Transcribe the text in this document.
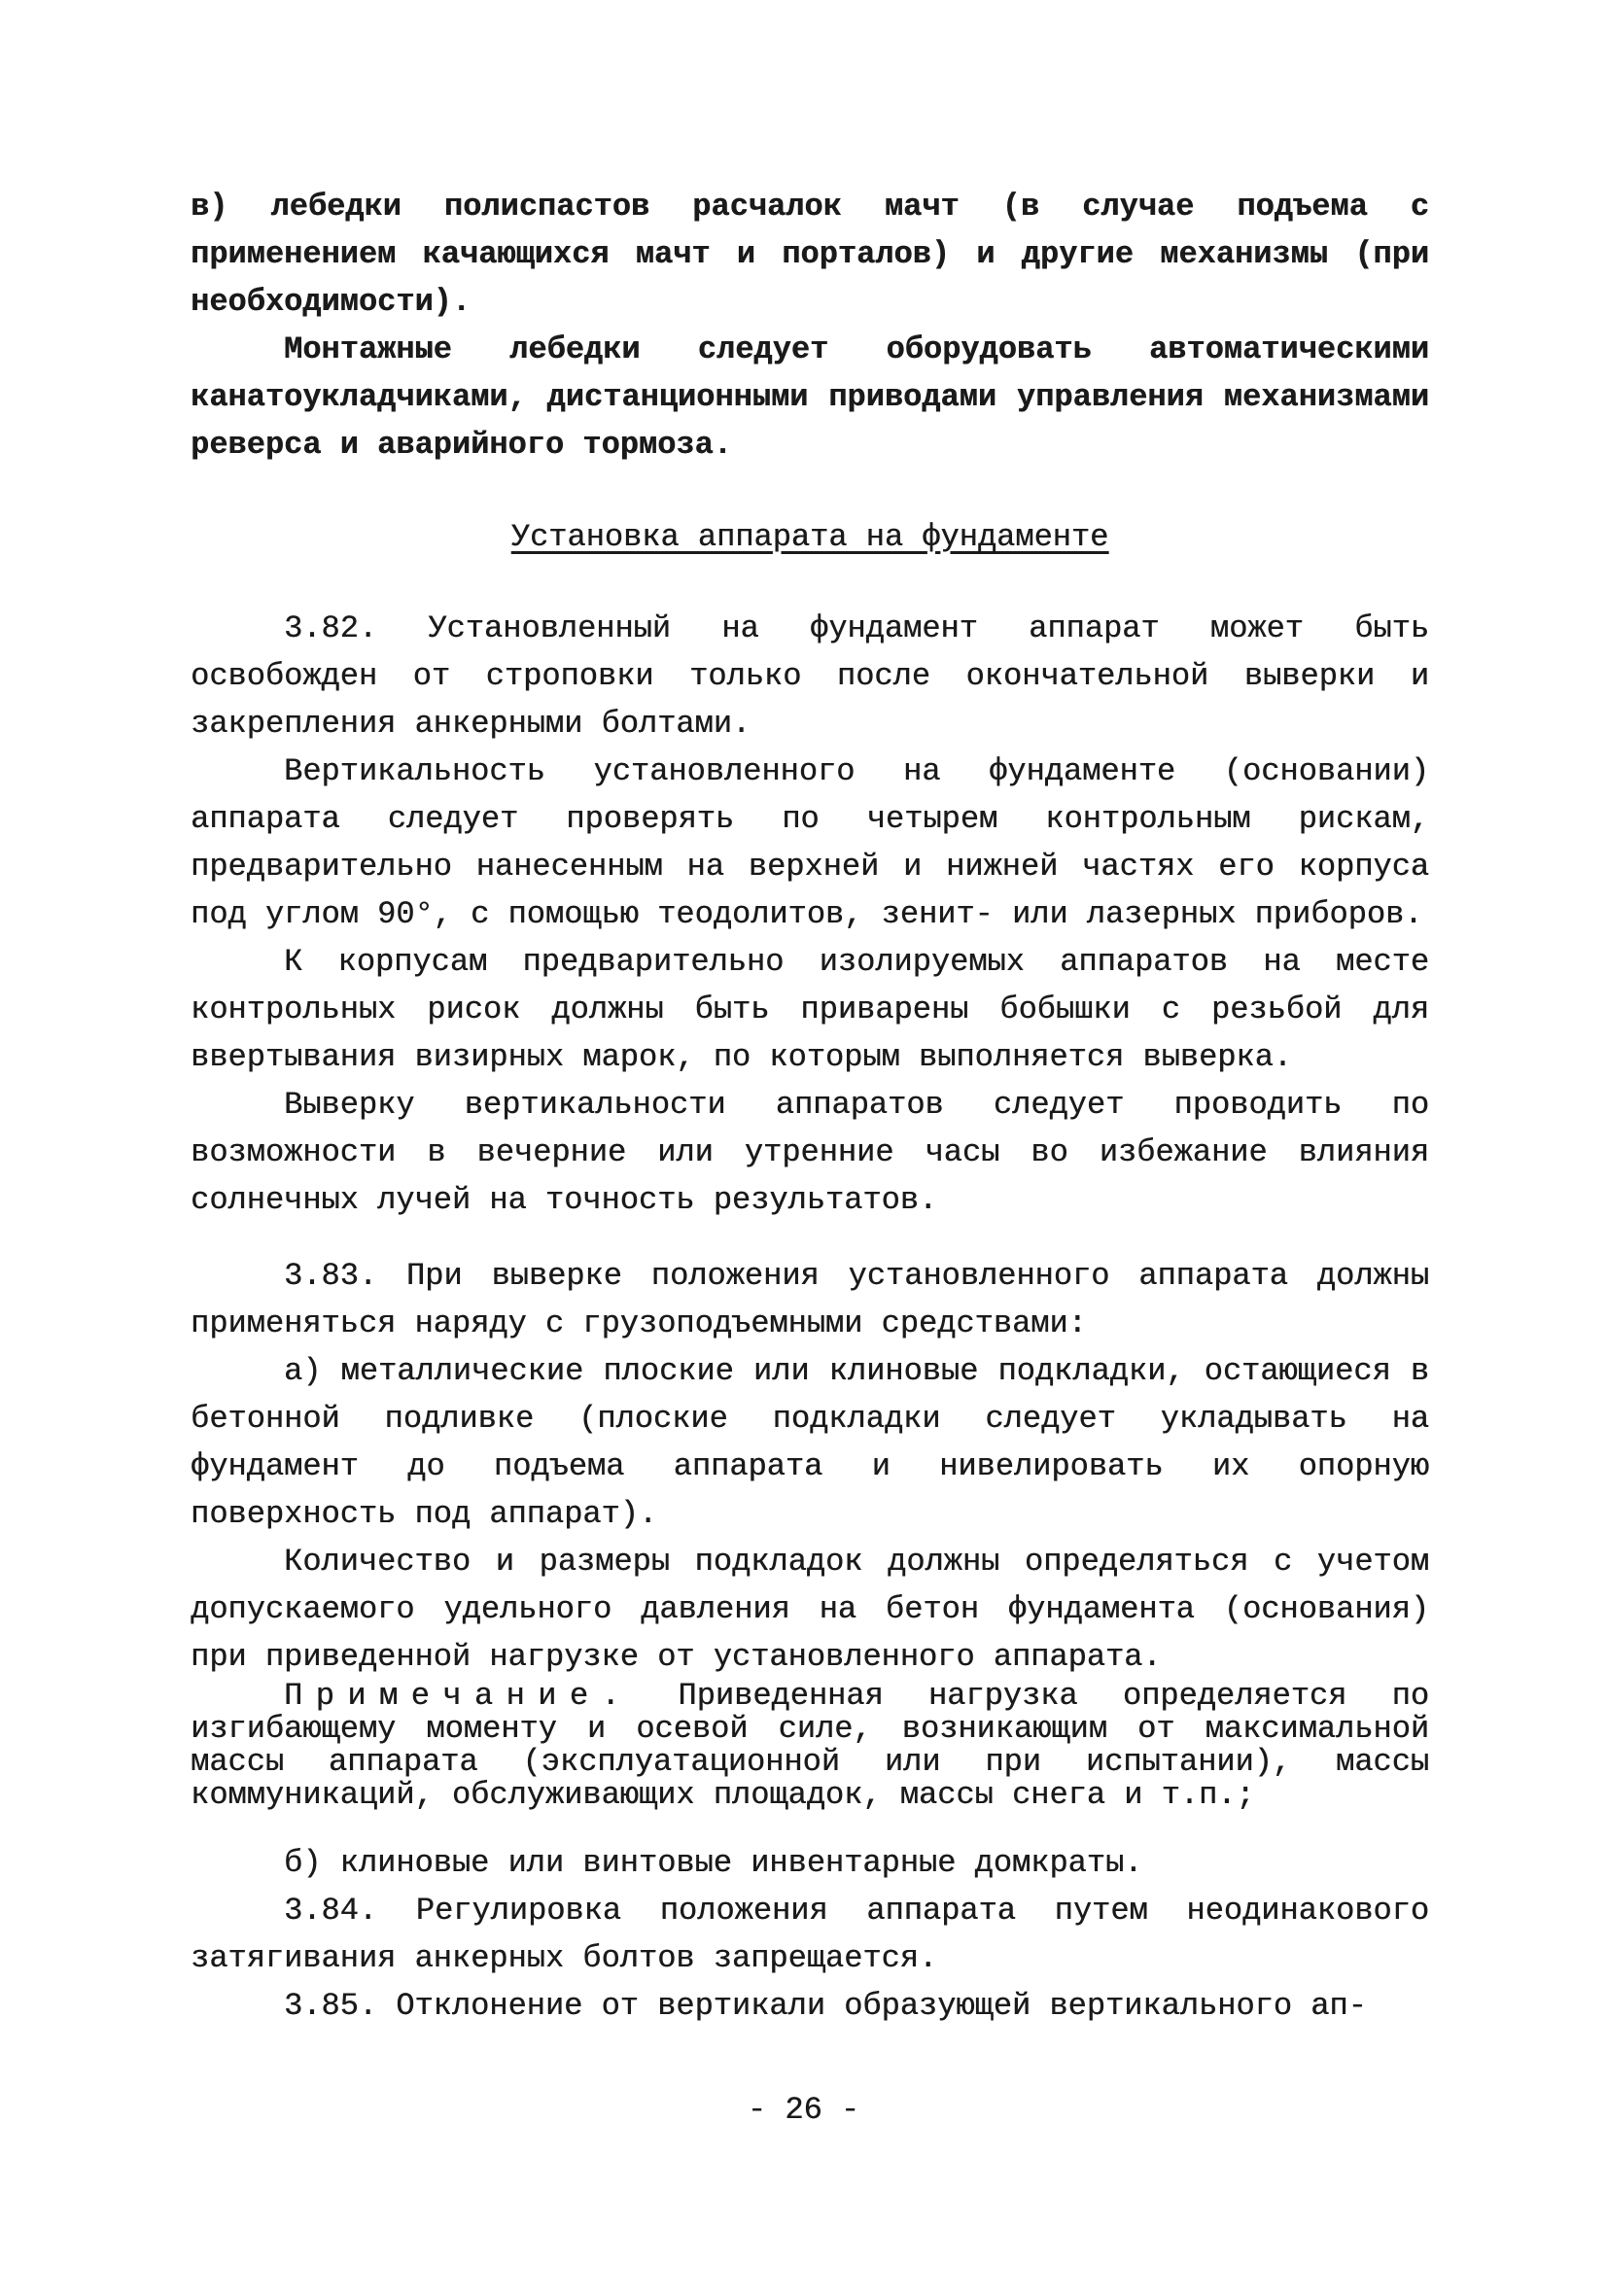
в) лебедки полиспастов расчалок мачт (в случае подъема с применением качающихся мачт и порталов) и другие механизмы (при необходимости).
Монтажные лебедки следует оборудовать автоматическими канатоукладчиками, дистанционными приводами управления механизмами реверса и аварийного тормоза.
Установка аппарата на фундаменте
3.82. Установленный на фундамент аппарат может быть освобожден от строповки только после окончательной выверки и закрепления анкерными болтами.
Вертикальность установленного на фундаменте (основании) аппарата следует проверять по четырем контрольным рискам, предварительно нанесенным на верхней и нижней частях его корпуса под углом 90°, с помощью теодолитов, зенит- или лазерных приборов.
К корпусам предварительно изолируемых аппаратов на месте контрольных рисок должны быть приварены бобышки с резьбой для ввертывания визирных марок, по которым выполняется выверка.
Выверку вертикальности аппаратов следует проводить по возможности в вечерние или утренние часы во избежание влияния солнечных лучей на точность результатов.
3.83. При выверке положения установленного аппарата должны применяться наряду с грузоподъемными средствами:
а) металлические плоские или клиновые подкладки, остающиеся в бетонной подливке (плоские подкладки следует укладывать на фундамент до подъема аппарата и нивелировать их опорную поверхность под аппарат).
Количество и размеры подкладок должны определяться с учетом допускаемого удельного давления на бетон фундамента (основания) при приведенной нагрузке от установленного аппарата.
Примечание. Приведенная нагрузка определяется по изгибающему моменту и осевой силе, возникающим от максимальной массы аппарата (эксплуатационной или при испытании), массы коммуникаций, обслуживающих площадок, массы снега и т.п.;
б) клиновые или винтовые инвентарные домкраты.
3.84. Регулировка положения аппарата путем неодинакового затягивания анкерных болтов запрещается.
3.85. Отклонение от вертикали образующей вертикального ап-
- 26 -
